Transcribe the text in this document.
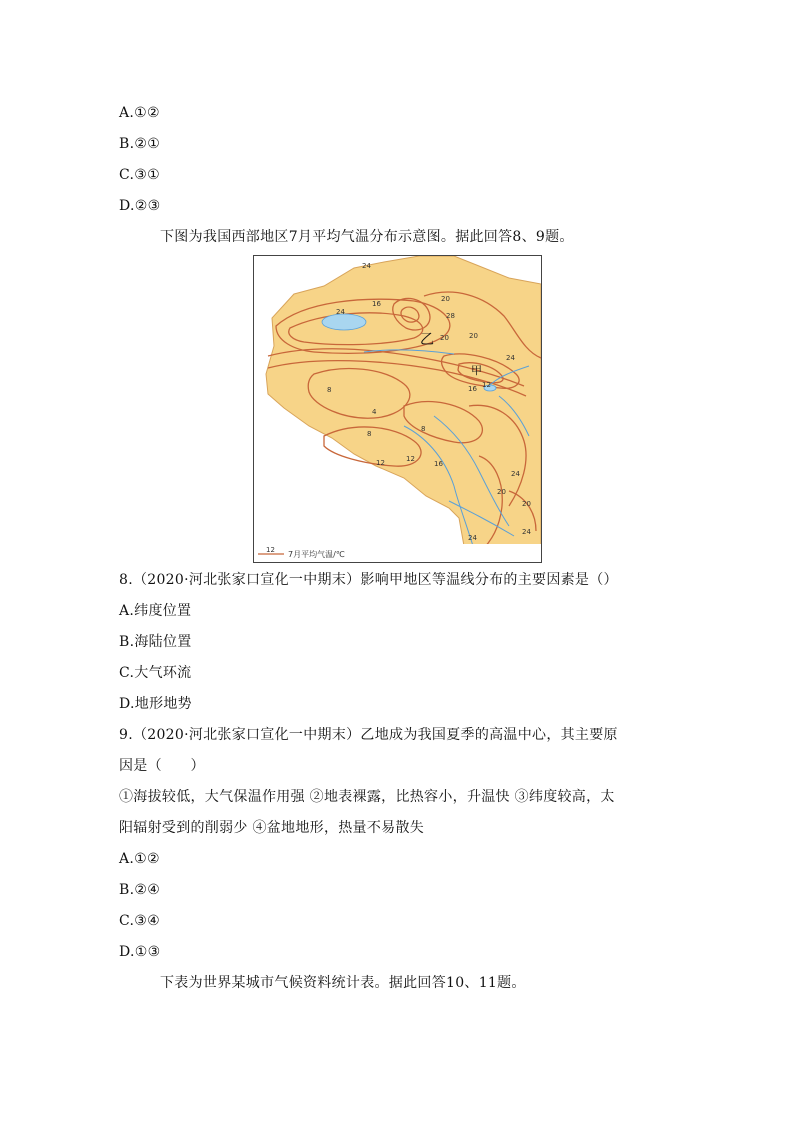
A.①②
B.②①
C.③①
D.②③
下图为我国西部地区7月平均气温分布示意图。据此回答8、9题。
24
20
16
24	28
20
20
24
12
16
8
4
8
8
12	12
16
24
20
20
24
24
乙
甲
12 7月平均气温/℃
8.（2020·河北张家口宣化一中期末）影响甲地区等温线分布的主要因素是（）
A.纬度位置
B.海陆位置
C.大气环流
D.地形地势
9.（2020·河北张家口宣化一中期末）乙地成为我国夏季的高温中心，其主要原
因是（　　）
①海拔较低，大气保温作用强 ②地表裸露，比热容小，升温快 ③纬度较高，太
阳辐射受到的削弱少 ④盆地地形，热量不易散失
A.①②
B.②④
C.③④
D.①③
下表为世界某城市气候资料统计表。据此回答10、11题。
